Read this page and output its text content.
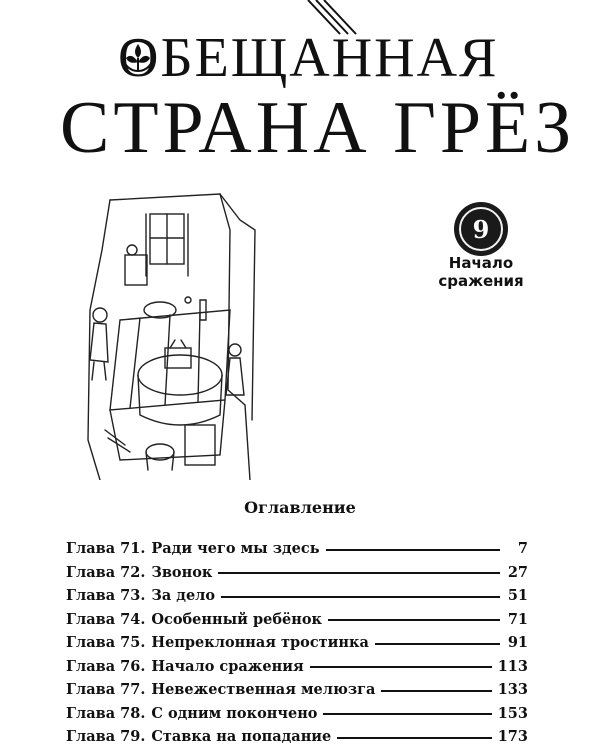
ОБЕЩАННАЯ
СТРАНА ГРЁЗ
9
Начало сражения
Оглавление
Глава 71. Ради чего мы здесь	7
Глава 72. Звонок	27
Глава 73. За дело	51
Глава 74. Особенный ребёнок	71
Глава 75. Непреклонная тростинка	91
Глава 76. Начало сражения	113
Глава 77. Невежественная мелюзга	133
Глава 78. С одним покончено	153
Глава 79. Ставка на попадание	173
